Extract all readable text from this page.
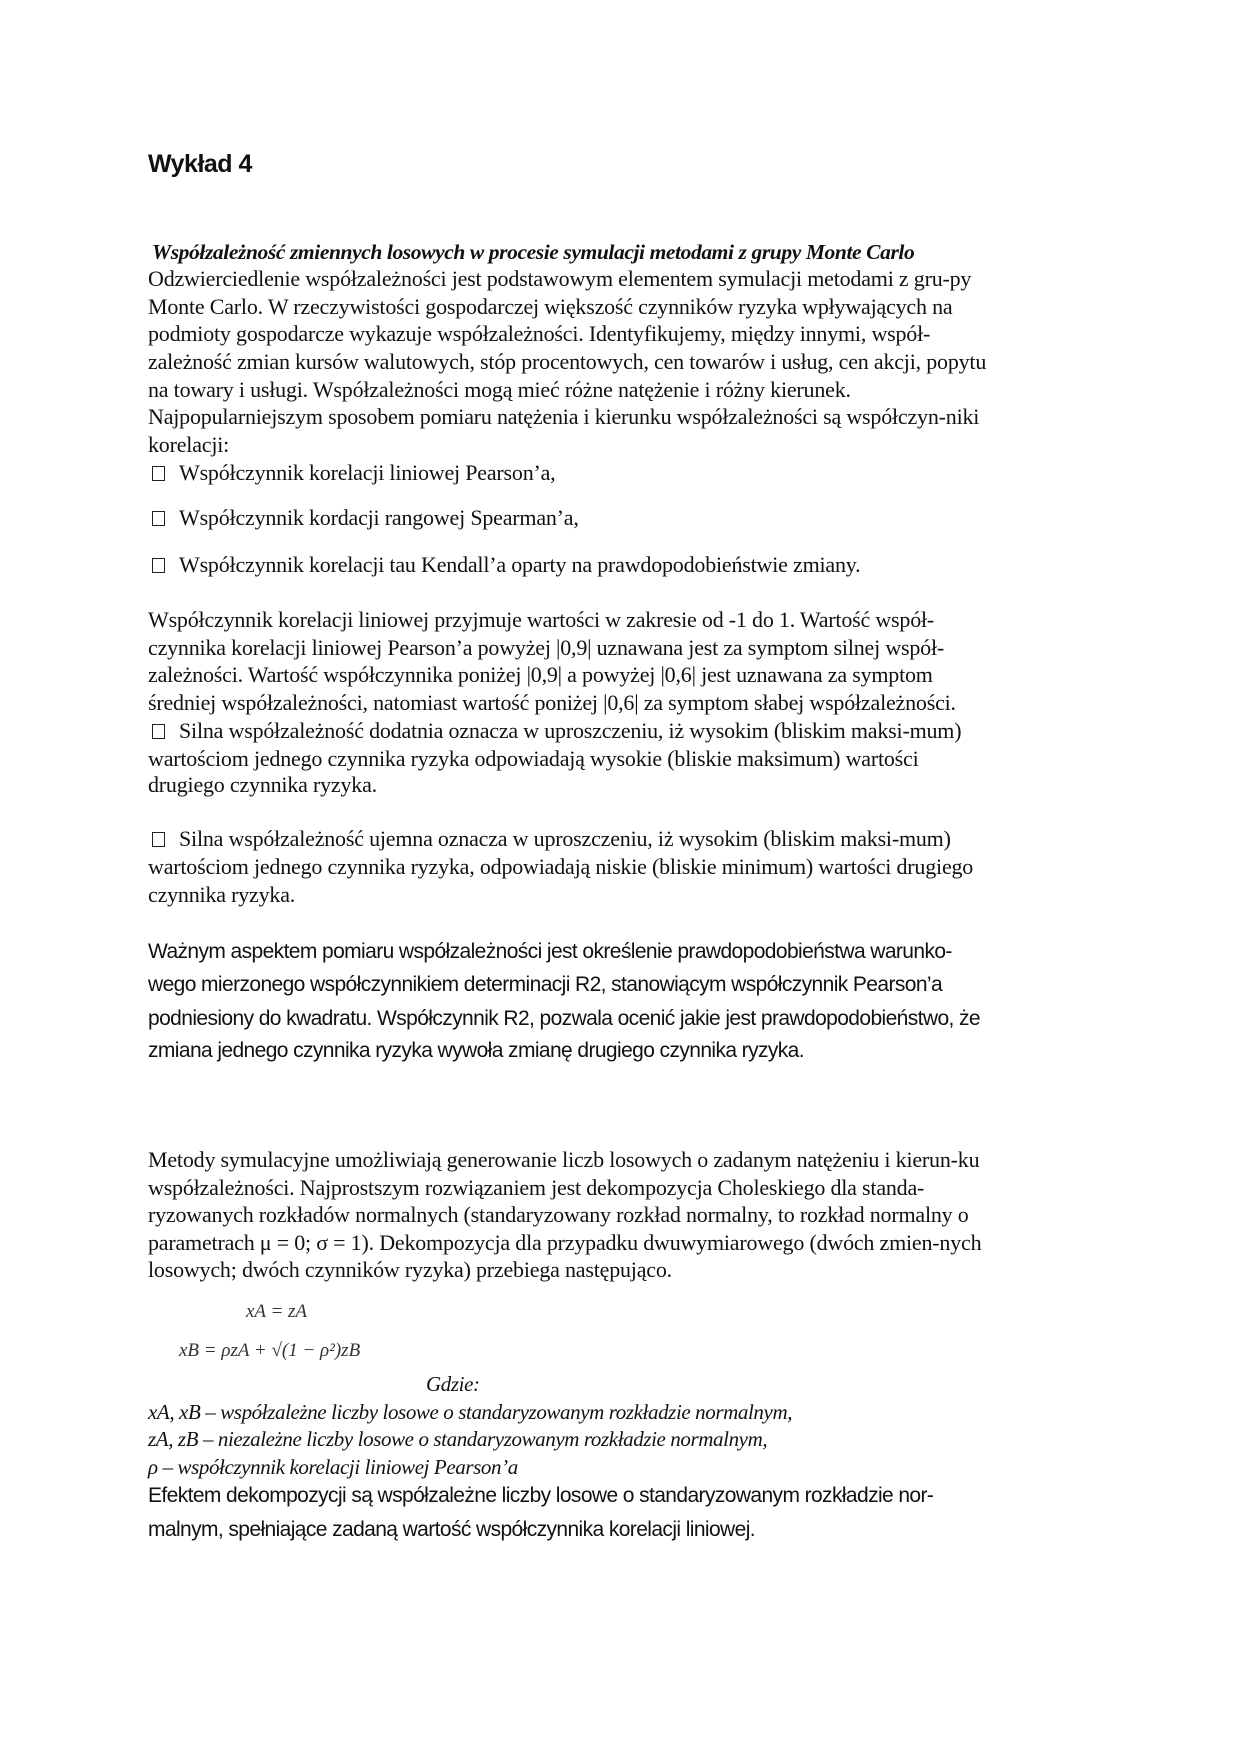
Wykład 4
Współzależność zmiennych losowych w procesie symulacji metodami z grupy Monte Carlo
Odzwierciedlenie współzależności jest podstawowym elementem symulacji metodami z gru-py
Monte Carlo. W rzeczywistości gospodarczej większość czynników ryzyka wpływających na
podmioty gospodarcze wykazuje współzależności. Identyfikujemy, między innymi, współ-
zależność zmian kursów walutowych, stóp procentowych, cen towarów i usług, cen akcji, popytu
na towary i usługi. Współzależności mogą mieć różne natężenie i różny kierunek.
Najpopularniejszym sposobem pomiaru natężenia i kierunku współzależności są współczyn-niki
korelacji:
Współczynnik korelacji liniowej Pearson’a,
Współczynnik kordacji rangowej Spearman’a,
Współczynnik korelacji tau Kendall’a oparty na prawdopodobieństwie zmiany.
Współczynnik korelacji liniowej przyjmuje wartości w zakresie od -1 do 1. Wartość współ-
czynnika korelacji liniowej Pearson’a powyżej |0,9| uznawana jest za symptom silnej współ-
zależności. Wartość współczynnika poniżej |0,9| a powyżej |0,6| jest uznawana za symptom
średniej współzależności, natomiast wartość poniżej |0,6| za symptom słabej współzależności.
Silna współzależność dodatnia oznacza w uproszczeniu, iż wysokim (bliskim maksi-mum)
wartościom jednego czynnika ryzyka odpowiadają wysokie (bliskie maksimum) wartości
drugiego czynnika ryzyka.
Silna współzależność ujemna oznacza w uproszczeniu, iż wysokim (bliskim maksi-mum)
wartościom jednego czynnika ryzyka, odpowiadają niskie (bliskie minimum) wartości drugiego
czynnika ryzyka.
Ważnym aspektem pomiaru współzależności jest określenie prawdopodobieństwa warunko-
wego mierzonego współczynnikiem determinacji R2, stanowiącym współczynnik Pearson’a
podniesiony do kwadratu. Współczynnik R2, pozwala ocenić jakie jest prawdopodobieństwo, że
zmiana jednego czynnika ryzyka wywoła zmianę drugiego czynnika ryzyka.
Metody symulacyjne umożliwiają generowanie liczb losowych o zadanym natężeniu i kierun-ku
współzależności. Najprostszym rozwiązaniem jest dekompozycja Choleskiego dla standa-
ryzowanych rozkładów normalnych (standaryzowany rozkład normalny, to rozkład normalny o
parametrach μ = 0; σ = 1). Dekompozycja dla przypadku dwuwymiarowego (dwóch zmien-nych
losowych; dwóch czynników ryzyka) przebiega następująco.
xA = zA
xB = ρzA + √(1 − ρ²)zB
Gdzie:
xA, xB – współzależne liczby losowe o standaryzowanym rozkładzie normalnym,
zA, zB – niezależne liczby losowe o standaryzowanym rozkładzie normalnym,
ρ – współczynnik korelacji liniowej Pearson’a
Efektem dekompozycji są współzależne liczby losowe o standaryzowanym rozkładzie nor-
malnym, spełniające zadaną wartość współczynnika korelacji liniowej.
